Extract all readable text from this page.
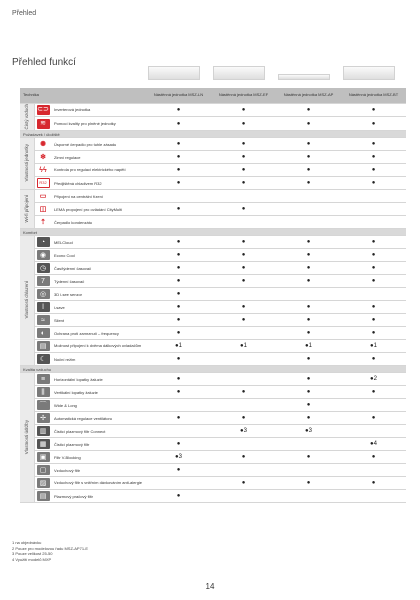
Přehled
Přehled funkcí
Technika			Nástěnná jednotka MSZ-LN	Nástěnná jednotka MSZ-EF	Nástěnná jednotka MSZ-AP	Nástěnná jednotka MSZ-BT
Čistý vzduch	⊂⊃	Inverterová jednotka	●	●	●	●

≋	Pomocí kvality pro plněné jednotky	●	●	●	●
Požadavek / úložiště						
Vlastnosti jednotky	✺	Úsporné čerpadlo pro tuhle zásadu	●	●	●	●

❄	Zimní regulace	●	●	●	●

ϟϟ	Kontrola pro regulaci elektrického napětí	●	●	●	●

R32	Předjištěná chladivem R32	●	●	●	●
Wi-fi připojení	▭	Připojení na centrální řízení				

◫	LEMA propojení pro ovládání CityMulti	●	●		

⇡	Čerpadlo kondenzátu				
Komfort						
Vlastnosti chlazení	◔	MELCloud	●	●	●	●

◉	Econo Cool	●	●	●	●

◷	Čas/týdenní časovač	●	●	●	●

7	Týdenní časovač	●	●	●	●

◎	3D i-see senzor	●			

ǀ	i-save	●	●	●	●

≈	Silent	●	●	●	●

◐	Ochrana proti zamrznutí – frequency	●		●	●

▤	Možnost připojení k dvěma dálkových ovladačům	●1	●1	●1	●1

☾	Noční režim	●		●	●
Kvalita vzduchu						
Vlastnosti údržby	≡	Horizontální lopatky žaluzie	●		●	●2

⫼	Vertikální lopatky žaluzie	●	●	●	●

⌒	Wide & Long			●	

✢	Automatická regulace ventilátoru	●	●	●	●

▥	Čisticí plazmový filtr Connect		●3	●3	

▦	Čisticí plazmový filtr	●			●4

▣	Filtr V-Blocking	●3	●	●	●

▢	Vzduchový filtr	●			

▨	Vzduchový filtr s vnitřním dávkováním anti-alergie		●	●	●

▤	Plazmový pračový filtr	●			
1 na objednávku
2 Pouze pro modelovou řadu MSZ-AP71-E
3 Pouze velikost 25-50
4 Využití modelů MXP
14
